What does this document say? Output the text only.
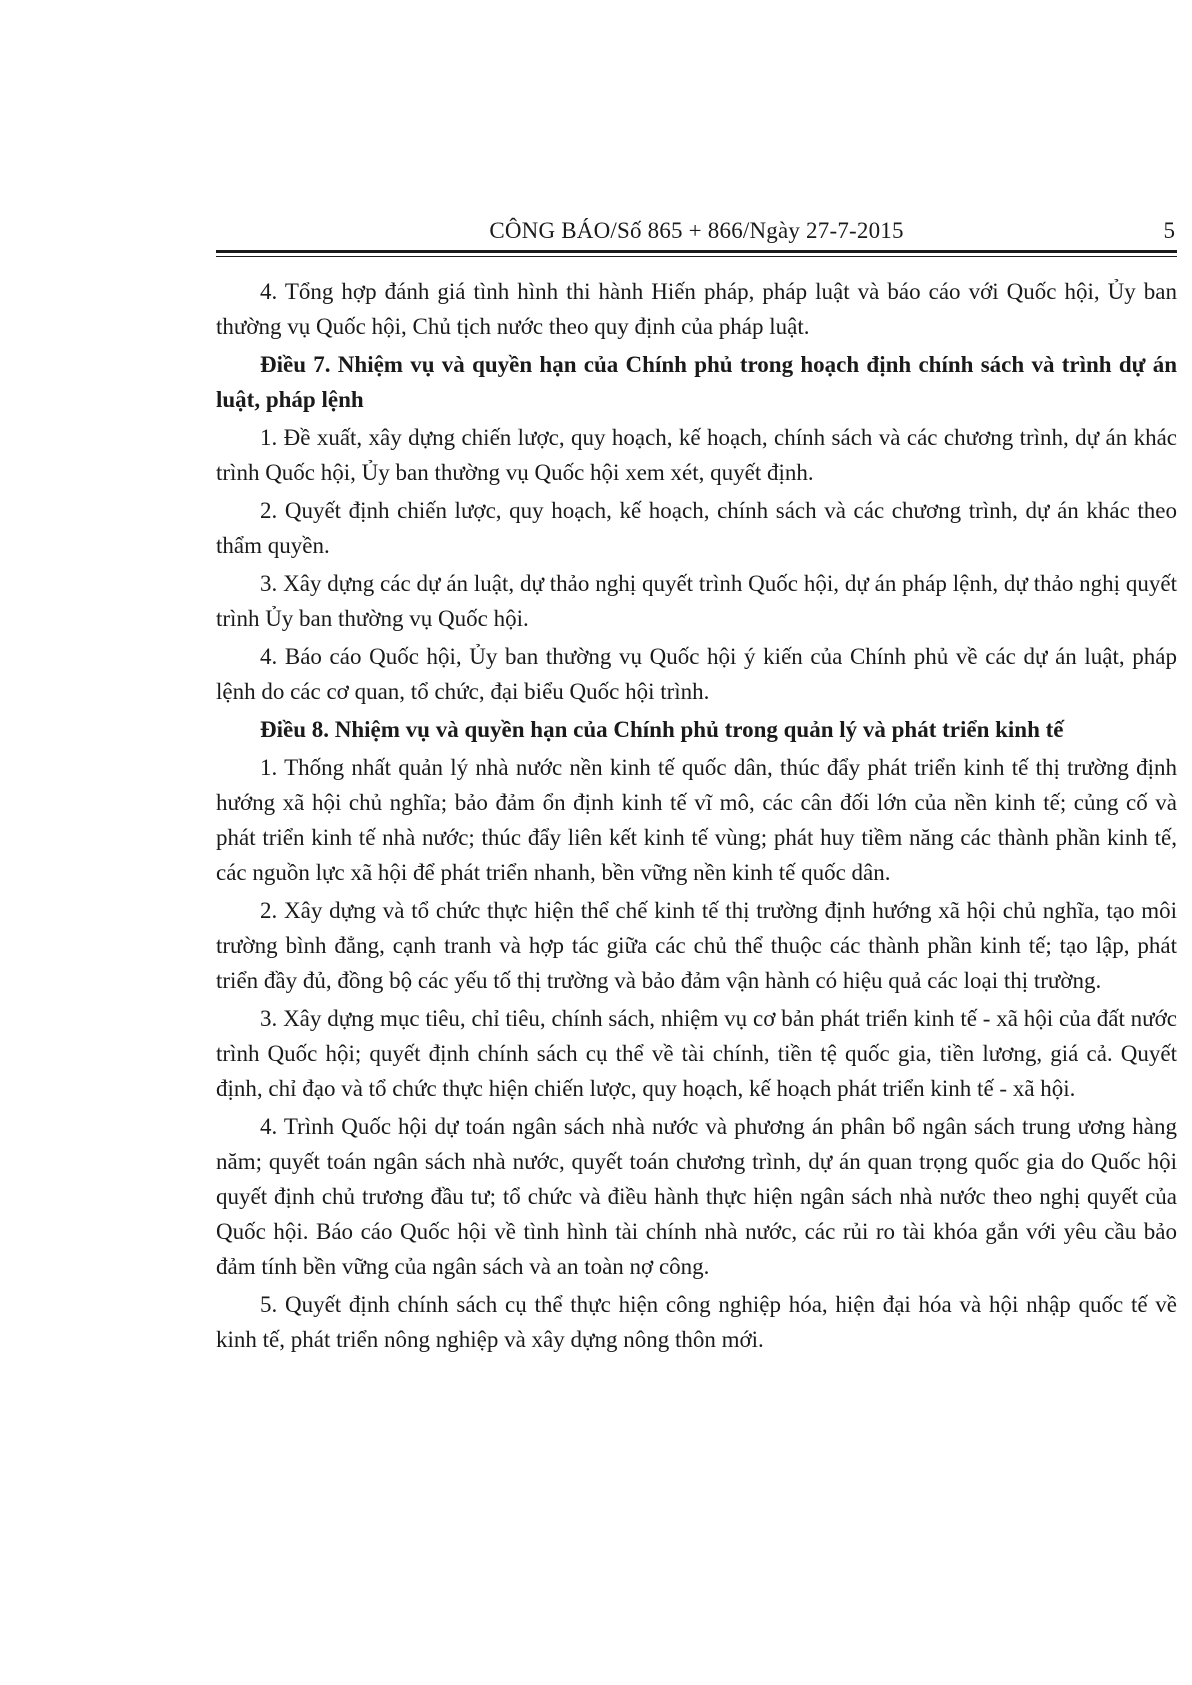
CÔNG BÁO/Số 865 + 866/Ngày 27-7-2015	5

4. Tổng hợp đánh giá tình hình thi hành Hiến pháp, pháp luật và báo cáo với Quốc hội, Ủy ban thường vụ Quốc hội, Chủ tịch nước theo quy định của pháp luật.

Điều 7. Nhiệm vụ và quyền hạn của Chính phủ trong hoạch định chính sách và trình dự án luật, pháp lệnh

1. Đề xuất, xây dựng chiến lược, quy hoạch, kế hoạch, chính sách và các chương trình, dự án khác trình Quốc hội, Ủy ban thường vụ Quốc hội xem xét, quyết định.

2. Quyết định chiến lược, quy hoạch, kế hoạch, chính sách và các chương trình, dự án khác theo thẩm quyền.

3. Xây dựng các dự án luật, dự thảo nghị quyết trình Quốc hội, dự án pháp lệnh, dự thảo nghị quyết trình Ủy ban thường vụ Quốc hội.

4. Báo cáo Quốc hội, Ủy ban thường vụ Quốc hội ý kiến của Chính phủ về các dự án luật, pháp lệnh do các cơ quan, tổ chức, đại biểu Quốc hội trình.

Điều 8. Nhiệm vụ và quyền hạn của Chính phủ trong quản lý và phát triển kinh tế

1. Thống nhất quản lý nhà nước nền kinh tế quốc dân, thúc đẩy phát triển kinh tế thị trường định hướng xã hội chủ nghĩa; bảo đảm ổn định kinh tế vĩ mô, các cân đối lớn của nền kinh tế; củng cố và phát triển kinh tế nhà nước; thúc đẩy liên kết kinh tế vùng; phát huy tiềm năng các thành phần kinh tế, các nguồn lực xã hội để phát triển nhanh, bền vững nền kinh tế quốc dân.

2. Xây dựng và tổ chức thực hiện thể chế kinh tế thị trường định hướng xã hội chủ nghĩa, tạo môi trường bình đẳng, cạnh tranh và hợp tác giữa các chủ thể thuộc các thành phần kinh tế; tạo lập, phát triển đầy đủ, đồng bộ các yếu tố thị trường và bảo đảm vận hành có hiệu quả các loại thị trường.

3. Xây dựng mục tiêu, chỉ tiêu, chính sách, nhiệm vụ cơ bản phát triển kinh tế - xã hội của đất nước trình Quốc hội; quyết định chính sách cụ thể về tài chính, tiền tệ quốc gia, tiền lương, giá cả. Quyết định, chỉ đạo và tổ chức thực hiện chiến lược, quy hoạch, kế hoạch phát triển kinh tế - xã hội.

4. Trình Quốc hội dự toán ngân sách nhà nước và phương án phân bổ ngân sách trung ương hàng năm; quyết toán ngân sách nhà nước, quyết toán chương trình, dự án quan trọng quốc gia do Quốc hội quyết định chủ trương đầu tư; tổ chức và điều hành thực hiện ngân sách nhà nước theo nghị quyết của Quốc hội. Báo cáo Quốc hội về tình hình tài chính nhà nước, các rủi ro tài khóa gắn với yêu cầu bảo đảm tính bền vững của ngân sách và an toàn nợ công.

5. Quyết định chính sách cụ thể thực hiện công nghiệp hóa, hiện đại hóa và hội nhập quốc tế về kinh tế, phát triển nông nghiệp và xây dựng nông thôn mới.
